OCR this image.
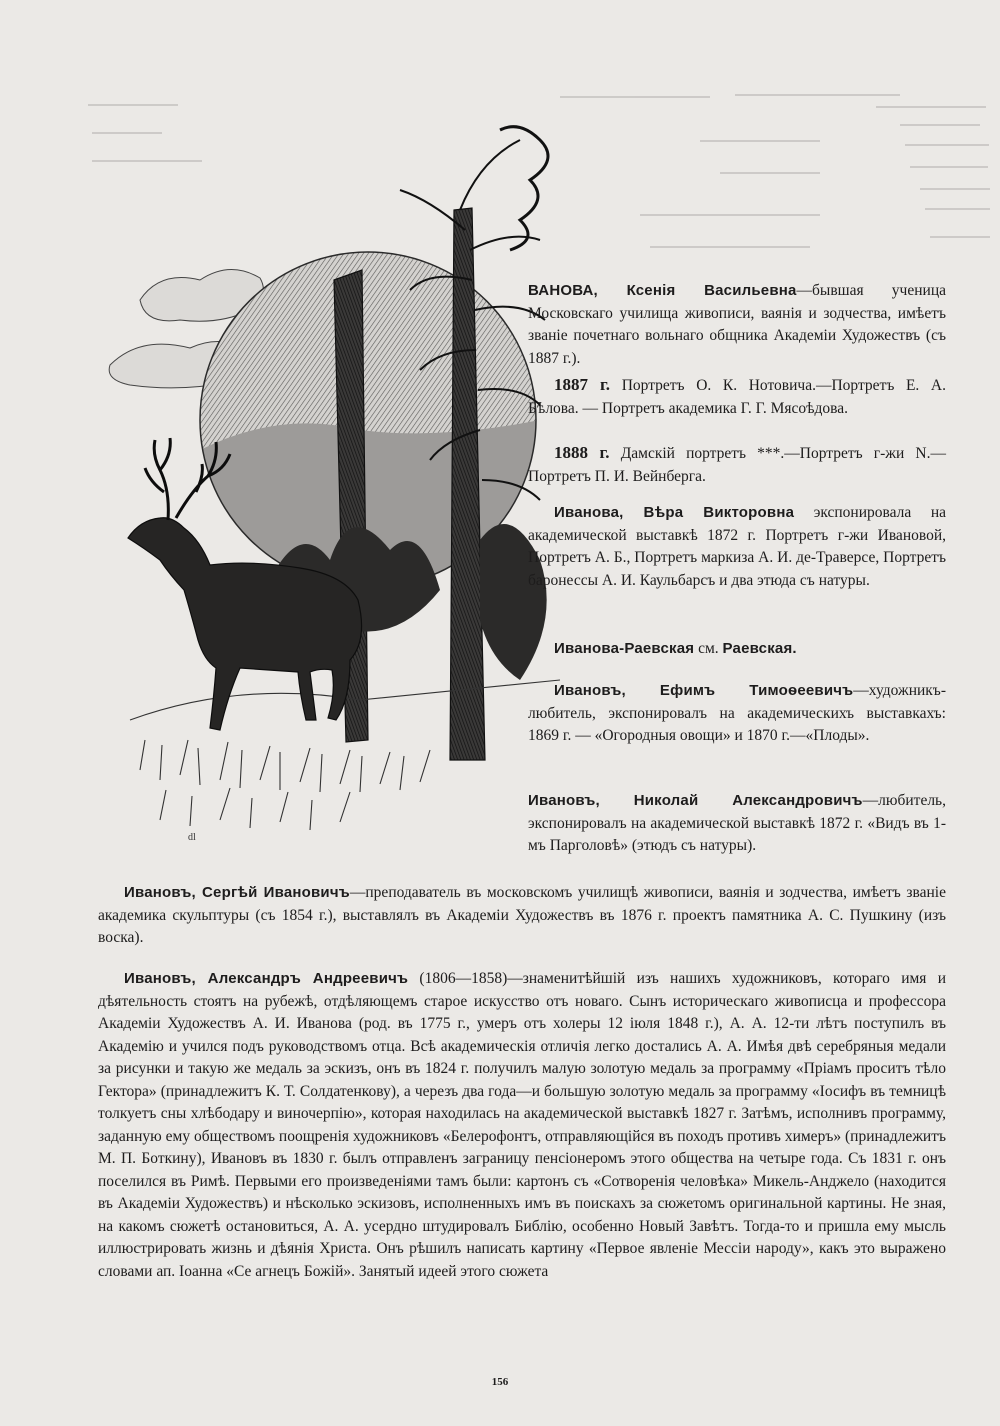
dl
ВАНОВА, Ксенія Васильевна—бывшая ученица Московскаго училища живописи, ваянія и зодчества, имѣетъ званіе почетнаго вольнаго общника Академіи Художествъ (съ 1887 г.).
1887 г. Портретъ О. К. Нотовича.—Портретъ Е. А. Бѣлова. — Портретъ академика Г. Г. Мясоѣдова.
1888 г. Дамскій портретъ ***.—Портретъ г-жи N.—Портретъ П. И. Вейнберга.
Иванова, Вѣра Викторовна экспонировала на академической выставкѣ 1872 г. Портретъ г-жи Ивановой, Портретъ А. Б., Портретъ маркиза А. И. де-Траверсе, Портретъ баронессы А. И. Каульбарсъ и два этюда съ натуры.
Иванова-Раевская см. Раевская.
Ивановъ, Ефимъ Тимоѳеевичъ—художникъ-любитель, экспонировалъ на академическихъ выставкахъ: 1869 г. — «Огородныя овощи» и 1870 г.—«Плоды».
Ивановъ, Николай Александровичъ—любитель, экспонировалъ на академической выставкѣ 1872 г. «Видъ въ 1-мъ Парголовѣ» (этюдъ съ натуры).
Ивановъ, Сергѣй Ивановичъ—преподаватель въ московскомъ училищѣ живописи, ваянія и зодчества, имѣетъ званіе академика скульптуры (съ 1854 г.), выставлялъ въ Академіи Художествъ въ 1876 г. проектъ памятника А. С. Пушкину (изъ воска).
Ивановъ, Александръ Андреевичъ (1806—1858)—знаменитѣйшій изъ нашихъ художниковъ, котораго имя и дѣятельность стоятъ на рубежѣ, отдѣляющемъ старое искусство отъ новаго. Сынъ историческаго живописца и профессора Академіи Художествъ А. И. Иванова (род. въ 1775 г., умеръ отъ холеры 12 іюля 1848 г.), А. А. 12-ти лѣтъ поступилъ въ Академію и учился подъ руководствомъ отца. Всѣ академическія отличія легко достались А. А. Имѣя двѣ серебряныя медали за рисунки и такую же медаль за эскизъ, онъ въ 1824 г. получилъ малую золотую медаль за программу «Пріамъ проситъ тѣло Гектора» (принадлежитъ К. Т. Солдатенкову), а черезъ два года—и большую золотую медаль за программу «Іосифъ въ темницѣ толкуетъ сны хлѣбодару и виночерпію», которая находилась на академической выставкѣ 1827 г. Затѣмъ, исполнивъ программу, заданную ему обществомъ поощренія художниковъ «Белерофонтъ, отправляющійся въ походъ противъ химеръ» (принадлежитъ М. П. Боткину), Ивановъ въ 1830 г. былъ отправленъ заграницу пенсіонеромъ этого общества на четыре года. Съ 1831 г. онъ поселился въ Римѣ. Первыми его произведеніями тамъ были: картонъ съ «Сотворенія человѣка» Микель-Анджело (находится въ Академіи Художествъ) и нѣсколько эскизовъ, исполненныхъ имъ въ поискахъ за сюжетомъ оригинальной картины. Не зная, на какомъ сюжетѣ остановиться, А. А. усердно штудировалъ Библію, особенно Новый Завѣтъ. Тогда-то и пришла ему мысль иллюстрировать жизнь и дѣянія Христа. Онъ рѣшилъ написать картину «Первое явленіе Мессіи народу», какъ это выражено словами ап. Іоанна «Се агнецъ Божій». Занятый идеей этого сюжета
156
